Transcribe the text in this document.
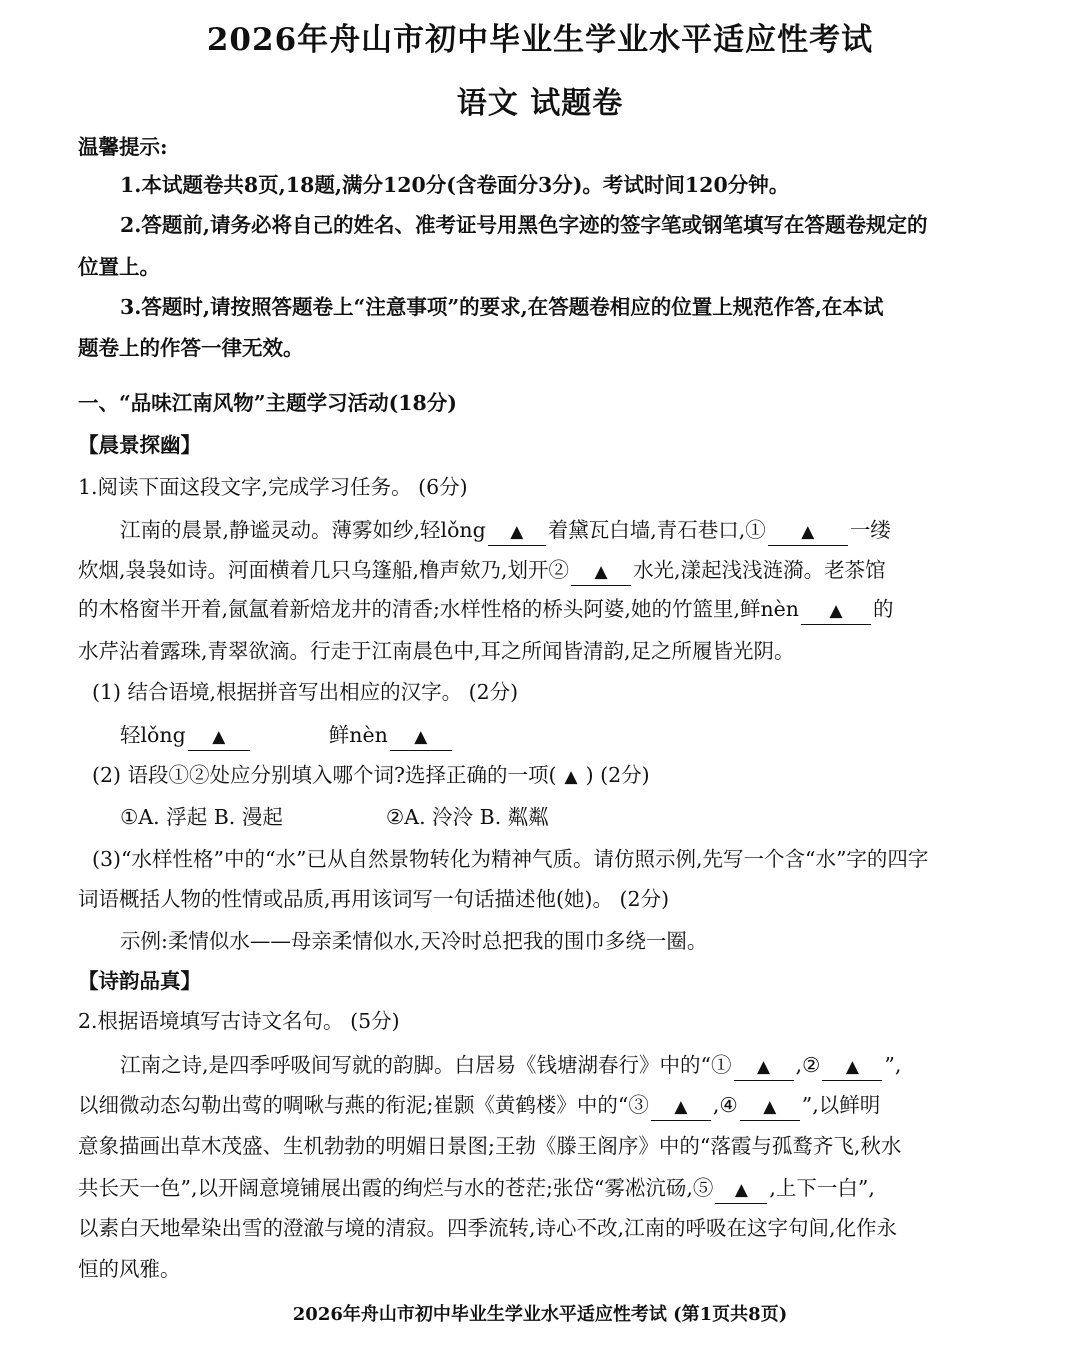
2026年舟山市初中毕业生学业水平适应性考试
语文 试题卷
温馨提示:
1.本试题卷共8页,18题,满分120分(含卷面分3分)。考试时间120分钟。
2.答题前,请务必将自己的姓名、准考证号用黑色字迹的签字笔或钢笔填写在答题卷规定的
位置上。
3.答题时,请按照答题卷上“注意事项”的要求,在答题卷相应的位置上规范作答,在本试
题卷上的作答一律无效。
一、“品味江南风物”主题学习活动(18分)
【晨景探幽】
1.阅读下面这段文字,完成学习任务。 (6分)
江南的晨景,静谧灵动。薄雾如纱,轻lǒng ▲ 着黛瓦白墙,青石巷口,① ▲ 一缕
炊烟,袅袅如诗。河面横着几只乌篷船,橹声欸乃,划开② ▲ 水光,漾起浅浅涟漪。老茶馆
的木格窗半开着,氤氲着新焙龙井的清香;水样性格的桥头阿婆,她的竹篮里,鲜nèn ▲ 的
水芹沾着露珠,青翠欲滴。行走于江南晨色中,耳之所闻皆清韵,足之所履皆光阴。
(1) 结合语境,根据拼音写出相应的汉字。 (2分)
轻lǒng ▲	鲜nèn ▲
(2) 语段①②处应分别填入哪个词?选择正确的一项( ▲ ) (2分)
①A. 浮起 B. 漫起	②A. 泠泠 B. 粼粼
(3)“水样性格”中的“水”已从自然景物转化为精神气质。请仿照示例,先写一个含“水”字的四字
词语概括人物的性情或品质,再用该词写一句话描述他(她)。 (2分)
示例:柔情似水——母亲柔情似水,天冷时总把我的围巾多绕一圈。
【诗韵品真】
2.根据语境填写古诗文名句。 (5分)
江南之诗,是四季呼吸间写就的韵脚。白居易《钱塘湖春行》中的“① ▲ ,② ▲ ”,
以细微动态勾勒出莺的啁啾与燕的衔泥;崔颢《黄鹤楼》中的“③ ▲ ,④ ▲ ”,以鲜明
意象描画出草木茂盛、生机勃勃的明媚日景图;王勃《滕王阁序》中的“落霞与孤鹜齐飞,秋水
共长天一色”,以开阔意境铺展出霞的绚烂与水的苍茫;张岱“雾凇沆砀,⑤ ▲ ,上下一白”,
以素白天地晕染出雪的澄澈与境的清寂。四季流转,诗心不改,江南的呼吸在这字句间,化作永
恒的风雅。
2026年舟山市初中毕业生学业水平适应性考试 (第1页共8页)
